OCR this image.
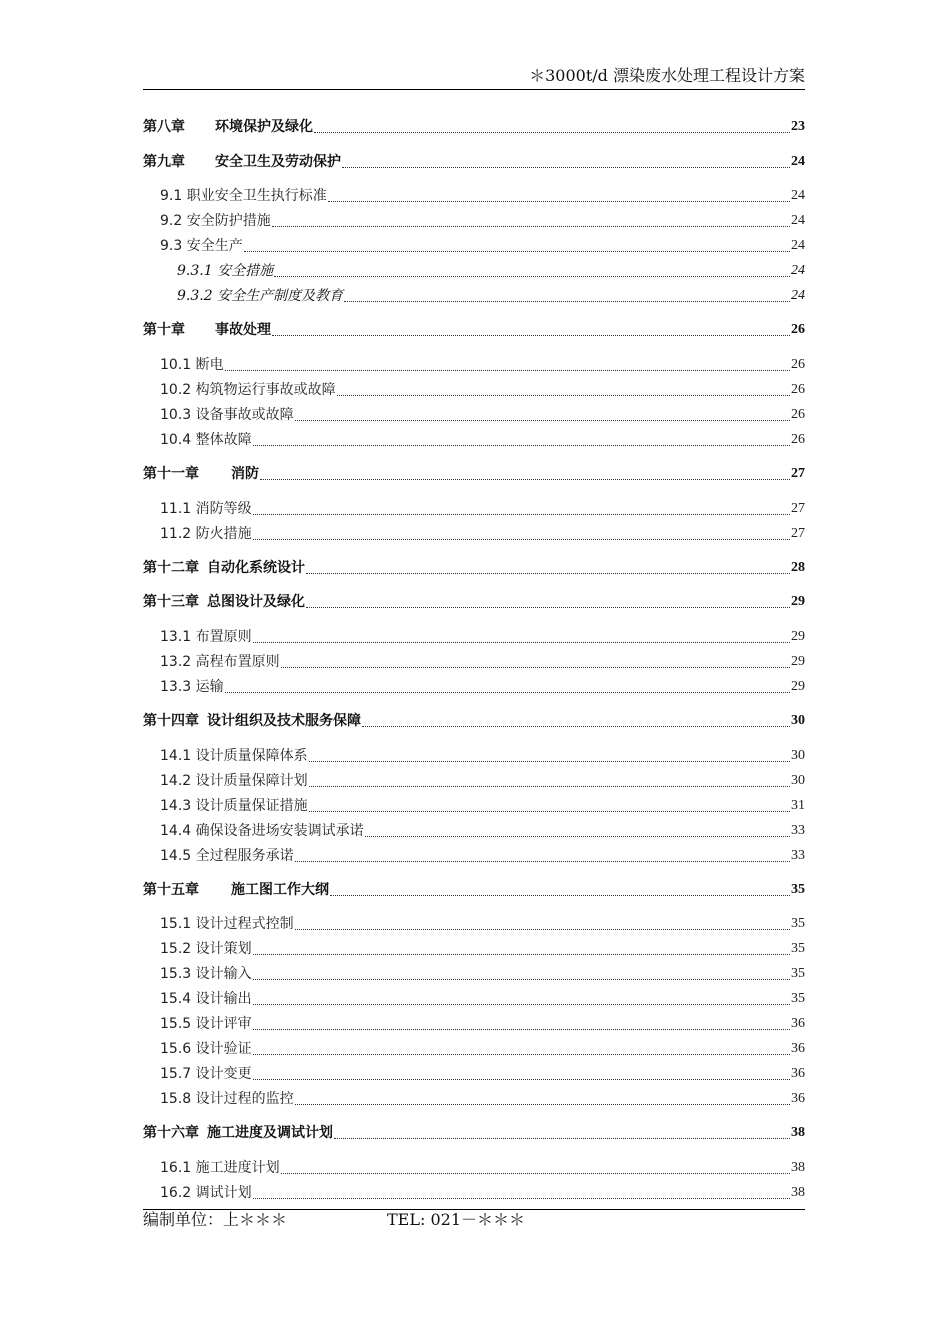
＊3000t/d 漂染废水处理工程设计方案
第八章	环境保护及绿化	23
第九章	安全卫生及劳动保护	24
9.1 职业安全卫生执行标准	24
9.2 安全防护措施	24
9.3 安全生产	24
9.3.1 安全措施	24
9.3.2 安全生产制度及教育	24
第十章	事故处理	26
10.1 断电	26
10.2 构筑物运行事故或故障	26
10.3 设备事故或故障	26
10.4 整体故障	26
第十一章	消防	27
11.1 消防等级	27
11.2 防火措施	27
第十二章 自动化系统设计	28
第十三章 总图设计及绿化	29
13.1 布置原则	29
13.2 高程布置原则	29
13.3 运输	29
第十四章 设计组织及技术服务保障	30
14.1 设计质量保障体系	30
14.2 设计质量保障计划	30
14.3 设计质量保证措施	31
14.4 确保设备进场安装调试承诺	33
14.5 全过程服务承诺	33
第十五章	施工图工作大纲	35
15.1 设计过程式控制	35
15.2 设计策划	35
15.3 设计输入	35
15.4 设计输出	35
15.5 设计评审	36
15.6 设计验证	36
15.7 设计变更	36
15.8 设计过程的监控	36
第十六章 施工进度及调试计划	38
16.1 施工进度计划	38
16.2 调试计划	38
编制单位：上＊＊＊	TEL: 021－＊＊＊
